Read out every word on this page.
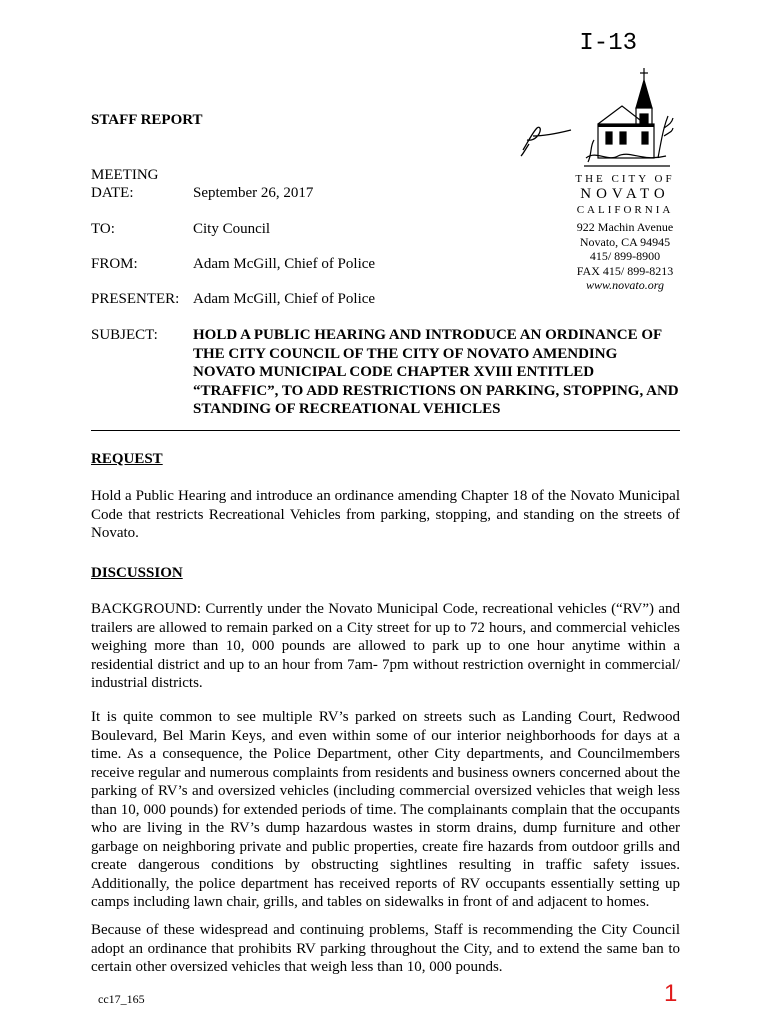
I-13
STAFF REPORT
THE CITY OF
NOVATO
CALIFORNIA
922 Machin Avenue
Novato, CA 94945
415/ 899-8900
FAX 415/ 899-8213
www.novato.org
MEETING
DATE:	September 26, 2017
TO:	City Council
FROM:	Adam McGill, Chief of Police
PRESENTER: Adam McGill, Chief of Police
SUBJECT: HOLD A PUBLIC HEARING AND INTRODUCE AN ORDINANCE OF THE CITY COUNCIL OF THE CITY OF NOVATO AMENDING NOVATO MUNICIPAL CODE CHAPTER XVIII ENTITLED “TRAFFIC”, TO ADD RESTRICTIONS ON PARKING, STOPPING, AND STANDING OF RECREATIONAL VEHICLES
REQUEST
Hold a Public Hearing and introduce an ordinance amending Chapter 18 of the Novato Municipal Code that restricts Recreational Vehicles from parking, stopping, and standing on the streets of Novato.
DISCUSSION
BACKGROUND: Currently under the Novato Municipal Code, recreational vehicles (“RV”) and trailers are allowed to remain parked on a City street for up to 72 hours, and commercial vehicles weighing more than 10, 000 pounds are allowed to park up to one hour anytime within a residential district and up to an hour from 7am- 7pm without restriction overnight in commercial/ industrial districts.
It is quite common to see multiple RV’s parked on streets such as Landing Court, Redwood Boulevard, Bel Marin Keys, and even within some of our interior neighborhoods for days at a time. As a consequence, the Police Department, other City departments, and Councilmembers receive regular and numerous complaints from residents and business owners concerned about the parking of RV’s and oversized vehicles (including commercial oversized vehicles that weigh less than 10, 000 pounds) for extended periods of time. The complainants complain that the occupants who are living in the RV’s dump hazardous wastes in storm drains, dump furniture and other garbage on neighboring private and public properties, create fire hazards from outdoor grills and create dangerous conditions by obstructing sightlines resulting in traffic safety issues. Additionally, the police department has received reports of RV occupants essentially setting up camps including lawn chair, grills, and tables on sidewalks in front of and adjacent to homes.
Because of these widespread and continuing problems, Staff is recommending the City Council adopt an ordinance that prohibits RV parking throughout the City, and to extend the same ban to certain other oversized vehicles that weigh less than 10, 000 pounds.
cc17_165	1
